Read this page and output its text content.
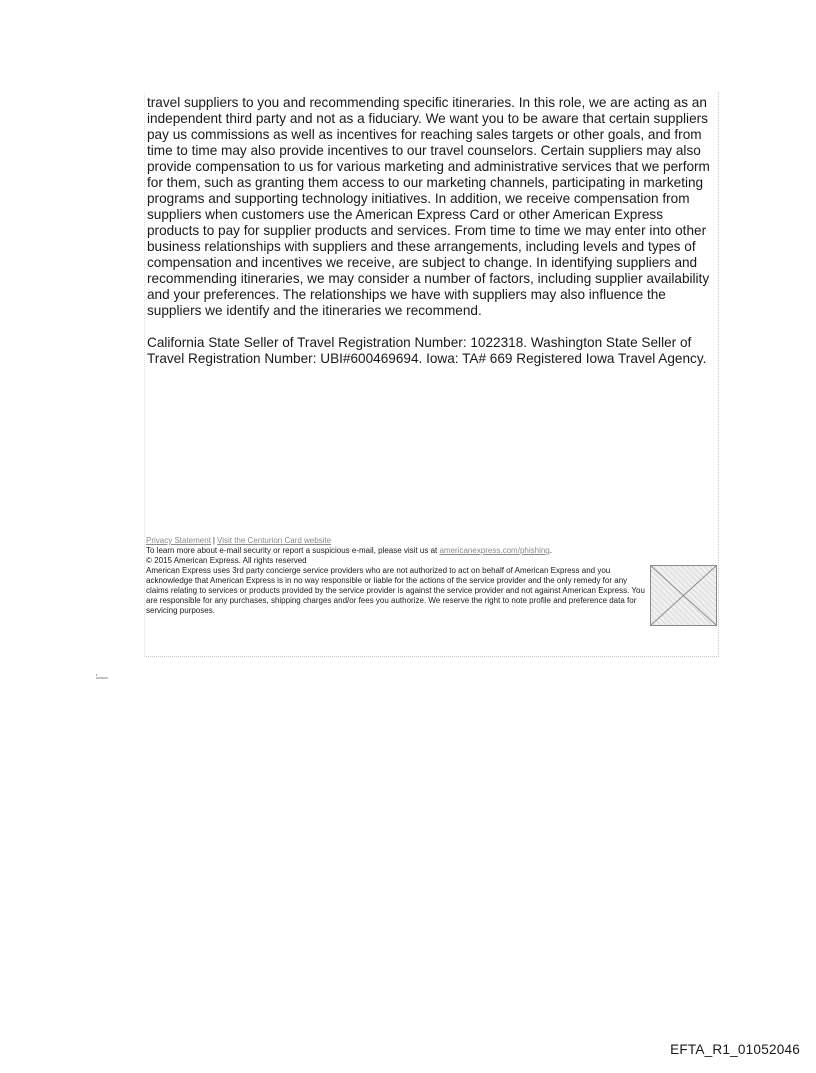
travel suppliers to you and recommending specific itineraries. In this role, we are acting as an independent third party and not as a fiduciary. We want you to be aware that certain suppliers pay us commissions as well as incentives for reaching sales targets or other goals, and from time to time may also provide incentives to our travel counselors. Certain suppliers may also provide compensation to us for various marketing and administrative services that we perform for them, such as granting them access to our marketing channels, participating in marketing programs and supporting technology initiatives. In addition, we receive compensation from suppliers when customers use the American Express Card or other American Express products to pay for supplier products and services. From time to time we may enter into other business relationships with suppliers and these arrangements, including levels and types of compensation and incentives we receive, are subject to change. In identifying suppliers and recommending itineraries, we may consider a number of factors, including supplier availability and your preferences. The relationships we have with suppliers may also influence the suppliers we identify and the itineraries we recommend.

California State Seller of Travel Registration Number: 1022318. Washington State Seller of Travel Registration Number: UBI#600469694. Iowa: TA# 669 Registered Iowa Travel Agency.

Privacy Statement | Visit the Centurion Card website
To learn more about e-mail security or report a suspicious e-mail, please visit us at americanexpress.com/phishing.
© 2015 American Express. All rights reserved
American Express uses 3rd party concierge service providers who are not authorized to act on behalf of American Express and you acknowledge that American Express is in no way responsible or liable for the actions of the service provider and the only remedy for any claims relating to services or products provided by the service provider is against the service provider and not against American Express. You are responsible for any purchases, shipping charges and/or fees you authorize. We reserve the right to note profile and preference data for servicing purposes.
EFTA_R1_01052046
